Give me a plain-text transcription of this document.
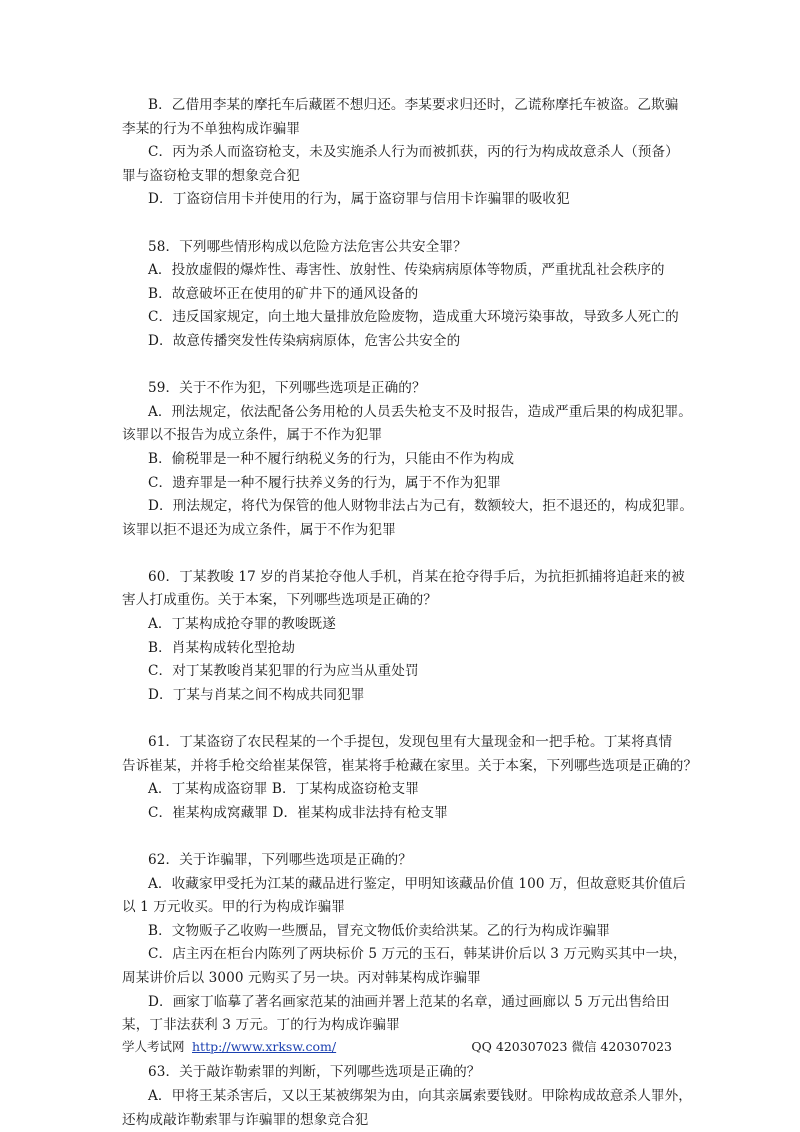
B．乙借用李某的摩托车后藏匿不想归还。李某要求归还时，乙谎称摩托车被盗。乙欺骗
李某的行为不单独构成诈骗罪
C．丙为杀人而盗窃枪支，未及实施杀人行为而被抓获，丙的行为构成故意杀人（预备）
罪与盗窃枪支罪的想象竞合犯
D．丁盗窃信用卡并使用的行为，属于盗窃罪与信用卡诈骗罪的吸收犯
58．下列哪些情形构成以危险方法危害公共安全罪？
A．投放虚假的爆炸性、毒害性、放射性、传染病病原体等物质，严重扰乱社会秩序的
B．故意破坏正在使用的矿井下的通风设备的
C．违反国家规定，向土地大量排放危险废物，造成重大环境污染事故，导致多人死亡的
D．故意传播突发性传染病病原体，危害公共安全的
59．关于不作为犯，下列哪些选项是正确的？
A．刑法规定，依法配备公务用枪的人员丢失枪支不及时报告，造成严重后果的构成犯罪。
该罪以不报告为成立条件，属于不作为犯罪
B．偷税罪是一种不履行纳税义务的行为，只能由不作为构成
C．遗弃罪是一种不履行扶养义务的行为，属于不作为犯罪
D．刑法规定，将代为保管的他人财物非法占为己有，数额较大，拒不退还的，构成犯罪。
该罪以拒不退还为成立条件，属于不作为犯罪
60．丁某教唆 17 岁的肖某抢夺他人手机，肖某在抢夺得手后，为抗拒抓捕将追赶来的被
害人打成重伤。关于本案，下列哪些选项是正确的？
A．丁某构成抢夺罪的教唆既遂
B．肖某构成转化型抢劫
C．对丁某教唆肖某犯罪的行为应当从重处罚
D．丁某与肖某之间不构成共同犯罪
61．丁某盗窃了农民程某的一个手提包，发现包里有大量现金和一把手枪。丁某将真情
告诉崔某，并将手枪交给崔某保管，崔某将手枪藏在家里。关于本案，下列哪些选项是正确的？
A．丁某构成盗窃罪 B．丁某构成盗窃枪支罪
C．崔某构成窝藏罪 D．崔某构成非法持有枪支罪
62．关于诈骗罪，下列哪些选项是正确的？
A．收藏家甲受托为江某的藏品进行鉴定，甲明知该藏品价值 100 万，但故意贬其价值后
以 1 万元收买。甲的行为构成诈骗罪
B．文物贩子乙收购一些赝品，冒充文物低价卖给洪某。乙的行为构成诈骗罪
C．店主丙在柜台内陈列了两块标价 5 万元的玉石，韩某讲价后以 3 万元购买其中一块，
周某讲价后以 3000 元购买了另一块。丙对韩某构成诈骗罪
D．画家丁临摹了著名画家范某的油画并署上范某的名章，通过画廊以 5 万元出售给田
某，丁非法获利 3 万元。丁的行为构成诈骗罪
63．关于敲诈勒索罪的判断，下列哪些选项是正确的？
A．甲将王某杀害后，又以王某被绑架为由，向其亲属索要钱财。甲除构成故意杀人罪外，
还构成敲诈勒索罪与诈骗罪的想象竞合犯
学人考试网 http://www.xrksw.com/	QQ 420307023 微信 420307023
